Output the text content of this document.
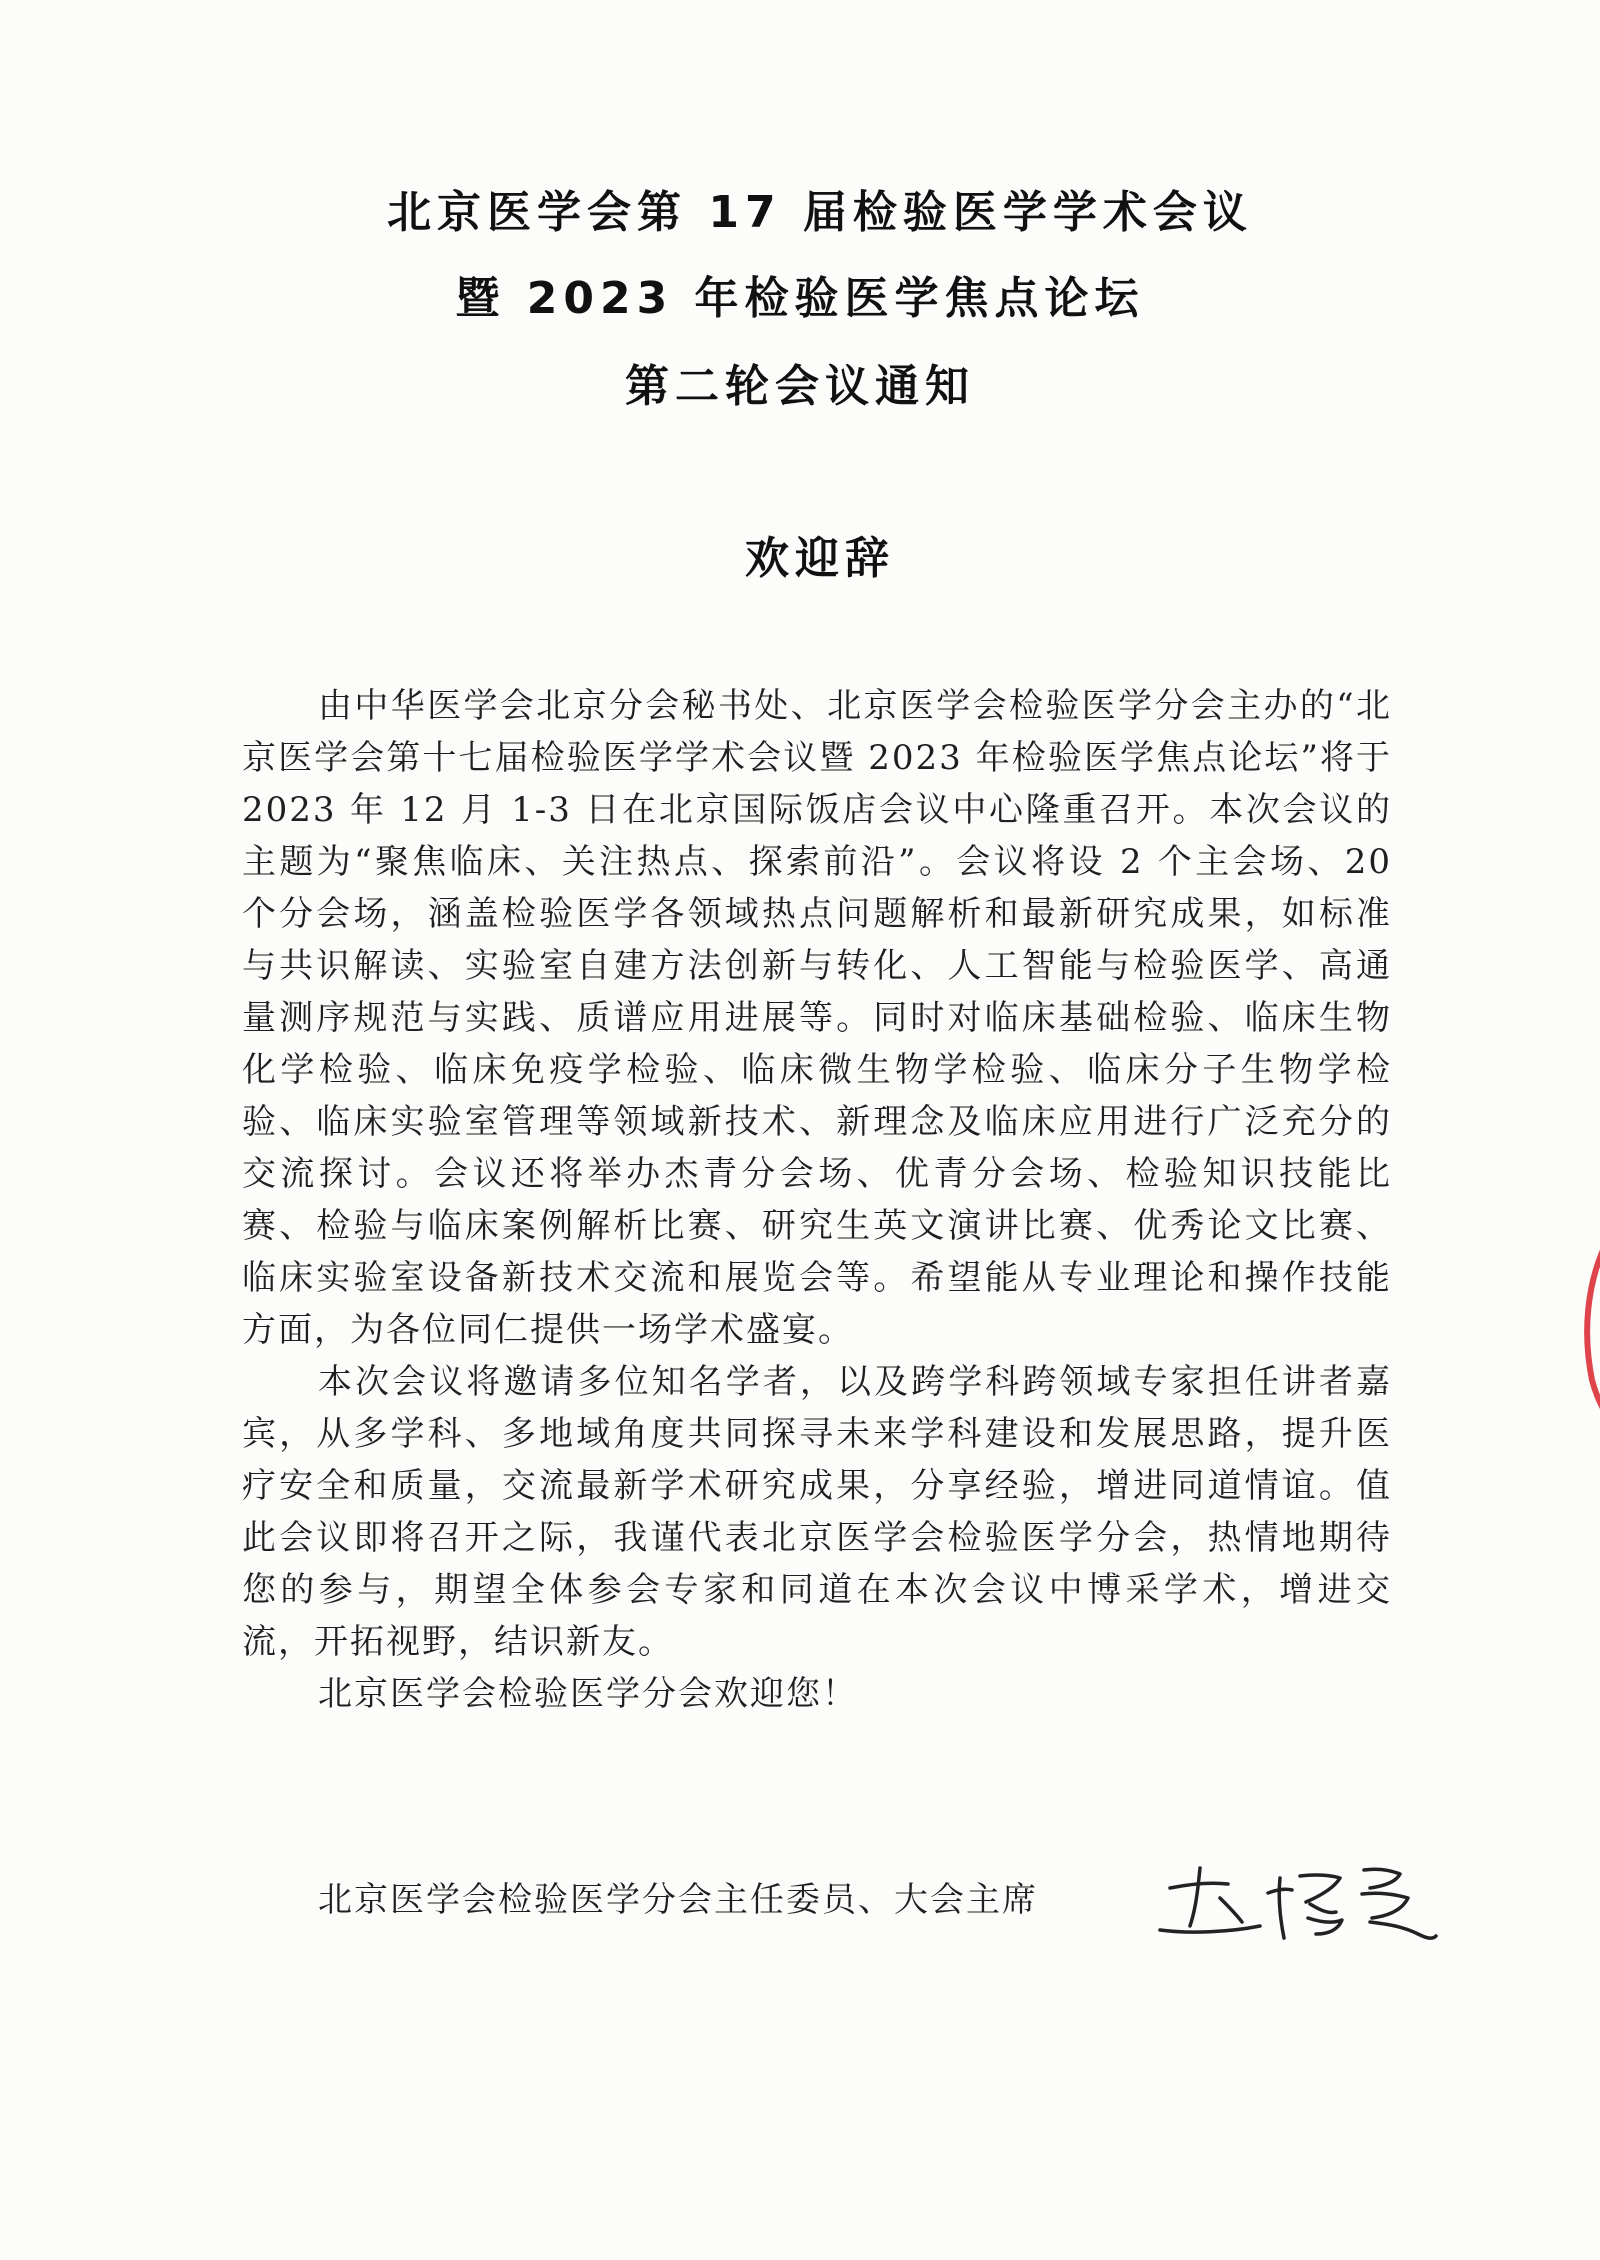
北京医学会第 17 届检验医学学术会议
暨 2023 年检验医学焦点论坛
第二轮会议通知
欢迎辞

由中华医学会北京分会秘书处、北京医学会检验医学分会主办的“北京医学会第十七届检验医学学术会议暨 2023 年检验医学焦点论坛”将于 2023 年 12 月 1-3 日在北京国际饭店会议中心隆重召开。本次会议的主题为“聚焦临床、关注热点、探索前沿”。会议将设 2 个主会场、20 个分会场，涵盖检验医学各领域热点问题解析和最新研究成果，如标准与共识解读、实验室自建方法创新与转化、人工智能与检验医学、高通量测序规范与实践、质谱应用进展等。同时对临床基础检验、临床生物化学检验、临床免疫学检验、临床微生物学检验、临床分子生物学检验、临床实验室管理等领域新技术、新理念及临床应用进行广泛充分的交流探讨。会议还将举办杰青分会场、优青分会场、检验知识技能比赛、检验与临床案例解析比赛、研究生英文演讲比赛、优秀论文比赛、临床实验室设备新技术交流和展览会等。希望能从专业理论和操作技能方面，为各位同仁提供一场学术盛宴。

本次会议将邀请多位知名学者，以及跨学科跨领域专家担任讲者嘉宾，从多学科、多地域角度共同探寻未来学科建设和发展思路，提升医疗安全和质量，交流最新学术研究成果，分享经验，增进同道情谊。值此会议即将召开之际，我谨代表北京医学会检验医学分会，热情地期待您的参与，期望全体参会专家和同道在本次会议中博采学术，增进交流，开拓视野，结识新友。

北京医学会检验医学分会欢迎您！

北京医学会检验医学分会主任委员、大会主席
